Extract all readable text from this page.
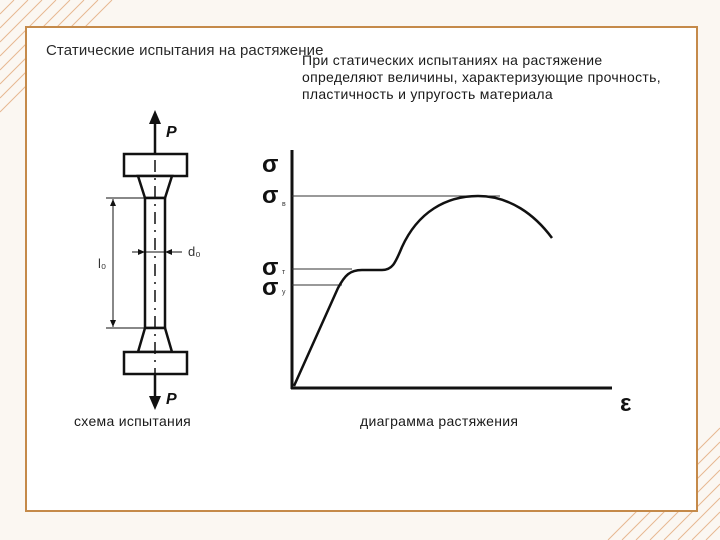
Статические испытания на растяжение
При статических испытаниях на растяжение определяют величины, характеризующие прочность, пластичность и упругость материала
P
P
l₀
d₀
σ
ε
σ в
σ т
σ у
схема испытания	диаграмма растяжения
